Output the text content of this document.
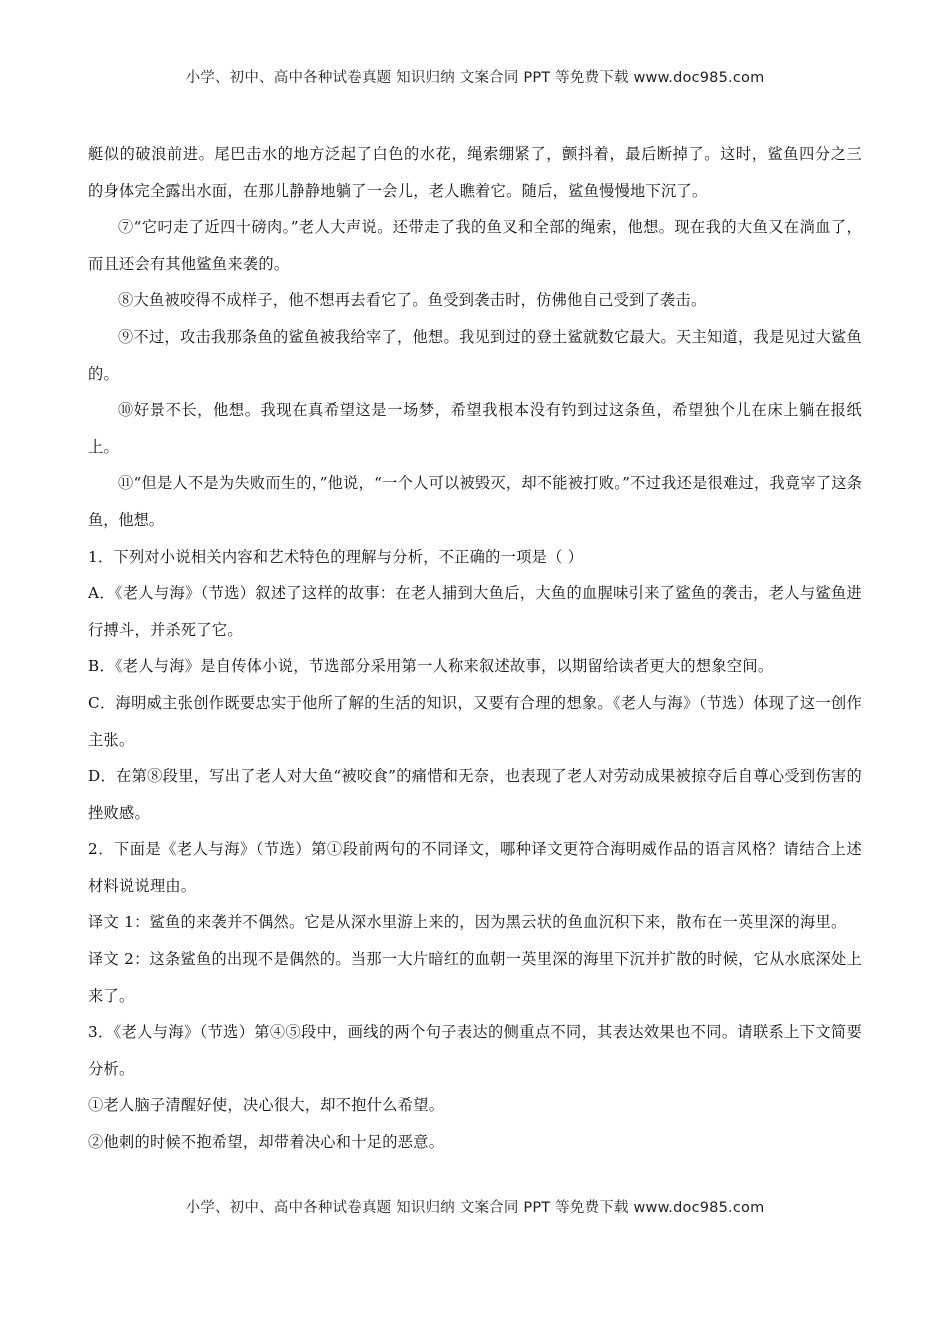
小学、初中、高中各种试卷真题 知识归纳 文案合同 PPT 等免费下载 www.doc985.com

艇似的破浪前进。尾巴击水的地方泛起了白色的水花，绳索绷紧了，颤抖着，最后断掉了。这时，鲨鱼四分之三的身体完全露出水面，在那儿静静地躺了一会儿，老人瞧着它。随后，鲨鱼慢慢地下沉了。

⑦“它叼走了近四十磅肉。”老人大声说。还带走了我的鱼叉和全部的绳索，他想。现在我的大鱼又在淌血了，而且还会有其他鲨鱼来袭的。

⑧大鱼被咬得不成样子，他不想再去看它了。鱼受到袭击时，仿佛他自己受到了袭击。

⑨不过，攻击我那条鱼的鲨鱼被我给宰了，他想。我见到过的登土鲨就数它最大。天主知道，我是见过大鲨鱼的。

⑩好景不长，他想。我现在真希望这是一场梦，希望我根本没有钓到过这条鱼，希望独个儿在床上躺在报纸上。

⑪“但是人不是为失败而生的，”他说，“一个人可以被毁灭，却不能被打败。”不过我还是很难过，我竟宰了这条鱼，他想。

1．下列对小说相关内容和艺术特色的理解与分析，不正确的一项是（ ）

A．《老人与海》（节选）叙述了这样的故事：在老人捕到大鱼后，大鱼的血腥味引来了鲨鱼的袭击，老人与鲨鱼进行搏斗，并杀死了它。

B．《老人与海》是自传体小说，节选部分采用第一人称来叙述故事，以期留给读者更大的想象空间。

C．海明威主张创作既要忠实于他所了解的生活的知识，又要有合理的想象。《老人与海》（节选）体现了这一创作主张。

D．在第⑧段里，写出了老人对大鱼“被咬食”的痛惜和无奈，也表现了老人对劳动成果被掠夺后自尊心受到伤害的挫败感。

2．下面是《老人与海》（节选）第①段前两句的不同译文，哪种译文更符合海明威作品的语言风格？请结合上述材料说说理由。

译文 1：鲨鱼的来袭并不偶然。它是从深水里游上来的，因为黑云状的鱼血沉积下来，散布在一英里深的海里。

译文 2：这条鲨鱼的出现不是偶然的。当那一大片暗红的血朝一英里深的海里下沉并扩散的时候，它从水底深处上来了。

3．《老人与海》（节选）第④⑤段中，画线的两个句子表达的侧重点不同，其表达效果也不同。请联系上下文简要分析。

①老人脑子清醒好使，决心很大，却不抱什么希望。

②他刺的时候不抱希望，却带着决心和十足的恶意。

小学、初中、高中各种试卷真题 知识归纳 文案合同 PPT 等免费下载 www.doc985.com
